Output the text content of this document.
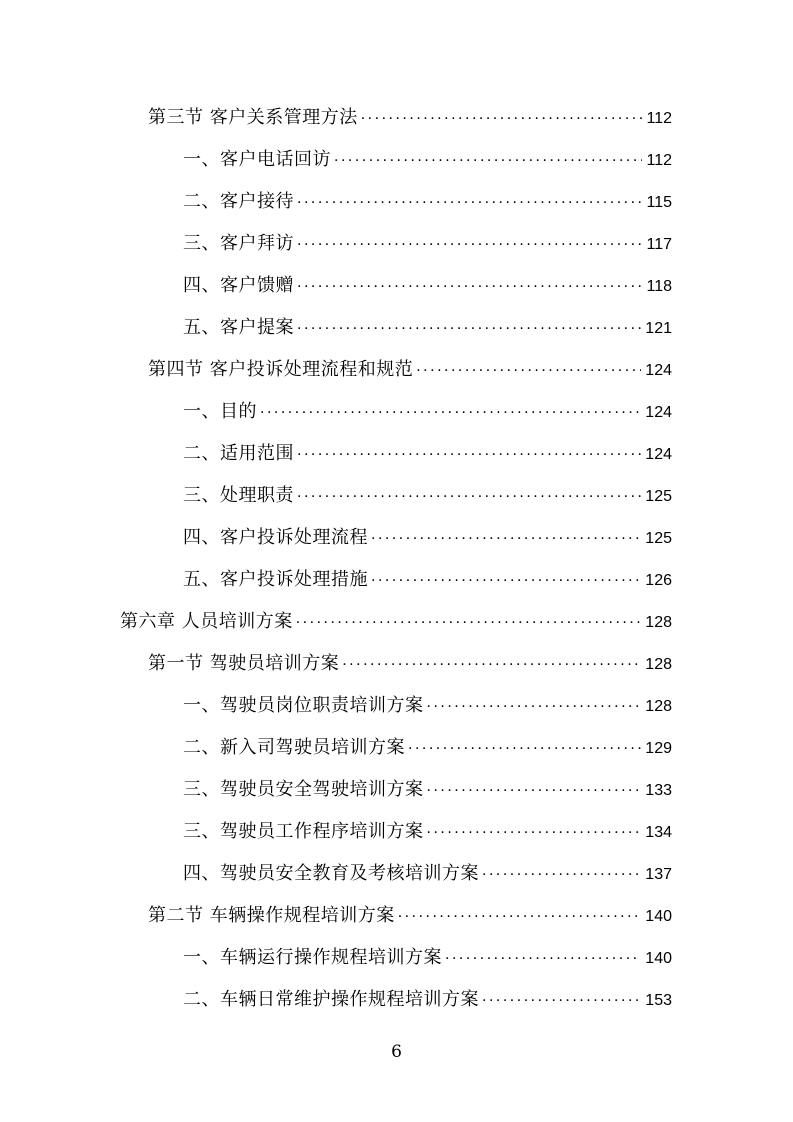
第三节 客户关系管理方法 ·····	112
一、客户电话回访 ·····	112
二、客户接待 ·····	115
三、客户拜访 ·····	117
四、客户馈赠 ·····	118
五、客户提案 ·····	121
第四节 客户投诉处理流程和规范 ·····	124
一、目的 ·····	124
二、适用范围 ·····	124
三、处理职责 ·····	125
四、客户投诉处理流程 ·····	125
五、客户投诉处理措施 ·····	126
第六章 人员培训方案 ·····	128
第一节 驾驶员培训方案 ·····	128
一、驾驶员岗位职责培训方案 ·····	128
二、新入司驾驶员培训方案 ·····	129
三、驾驶员安全驾驶培训方案 ·····	133
三、驾驶员工作程序培训方案 ·····	134
四、驾驶员安全教育及考核培训方案 ·····	137
第二节 车辆操作规程培训方案 ·····	140
一、车辆运行操作规程培训方案 ·····	140
二、车辆日常维护操作规程培训方案 ·····	153
6
